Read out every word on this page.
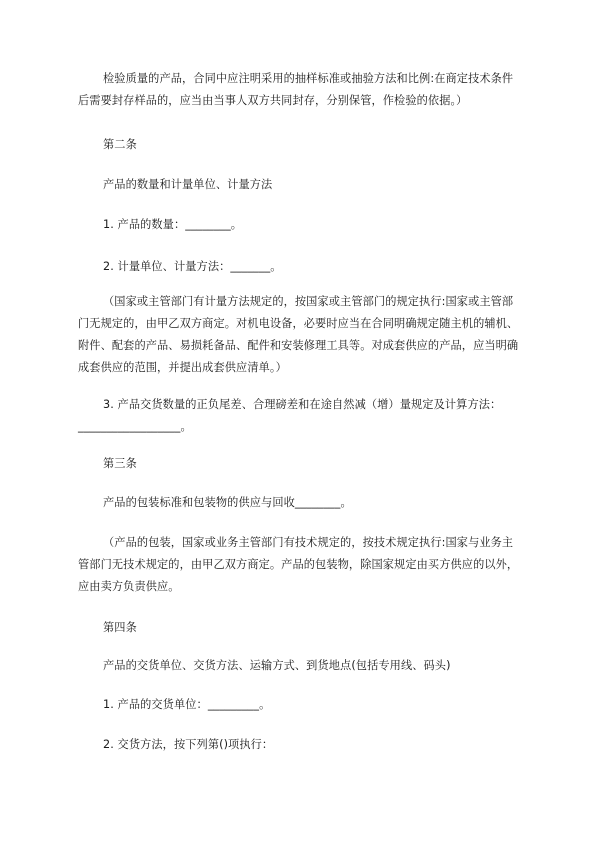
检验质量的产品，合同中应注明采用的抽样标准或抽验方法和比例:在商定技术条件后需要封存样品的，应当由当事人双方共同封存，分别保管，作检验的依据。）

第二条

产品的数量和计量单位、计量方法

1. 产品的数量：________。

2. 计量单位、计量方法：_______。

（国家或主管部门有计量方法规定的，按国家或主管部门的规定执行:国家或主管部门无规定的，由甲乙双方商定。对机电设备，必要时应当在合同明确规定随主机的辅机、附件、配套的产品、易损耗备品、配件和安装修理工具等。对成套供应的产品，应当明确成套供应的范围，并提出成套供应清单。）

3. 产品交货数量的正负尾差、合理磅差和在途自然减（增）量规定及计算方法：__________________。

第三条

产品的包装标准和包装物的供应与回收________。

（产品的包装，国家或业务主管部门有技术规定的，按技术规定执行:国家与业务主管部门无技术规定的，由甲乙双方商定。产品的包装物，除国家规定由买方供应的以外，应由卖方负责供应。

第四条

产品的交货单位、交货方法、运输方式、到货地点(包括专用线、码头)

1. 产品的交货单位：_________。

2. 交货方法，按下列第()项执行：
